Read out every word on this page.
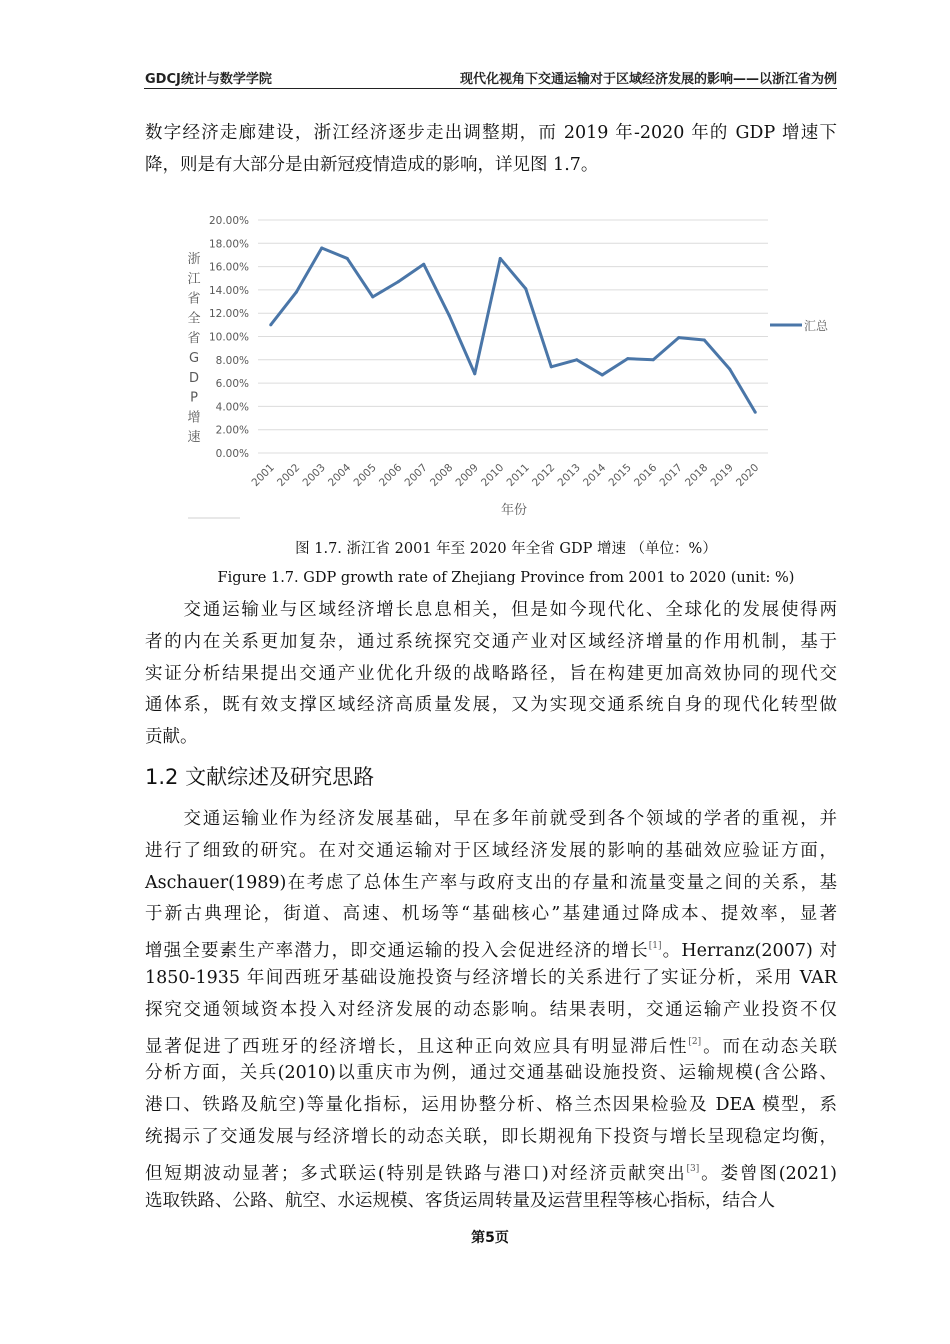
GDCJ统计与数学学院	现代化视角下交通运输对于区域经济发展的影响——以浙江省为例
数字经济走廊建设，浙江经济逐步走出调整期，而 2019 年-2020 年的 GDP 增速下
降，则是有大部分是由新冠疫情造成的影响，详见图 1.7。
0.00%
2.00%
4.00%
6.00%
8.00%
10.00%
12.00%
14.00%
16.00%
18.00%
20.00%
浙
江
省
全
省
G
D
P
增
速
2001
2002
2003
2004
2005
2006
2007
2008
2009
2010
2011
2012
2013
2014
2015
2016
2017
2018
2019
2020
年份
汇总
图 1.7. 浙江省 2001 年至 2020 年全省 GDP 增速 （单位：%）
Figure 1.7. GDP growth rate of Zhejiang Province from 2001 to 2020 (unit: %)
　　交通运输业与区域经济增长息息相关，但是如今现代化、全球化的发展使得两
者的内在关系更加复杂，通过系统探究交通产业对区域经济增量的作用机制，基于
实证分析结果提出交通产业优化升级的战略路径，旨在构建更加高效协同的现代交
通体系，既有效支撑区域经济高质量发展，又为实现交通系统自身的现代化转型做
贡献。
1.2 文献综述及研究思路
　　交通运输业作为经济发展基础，早在多年前就受到各个领域的学者的重视，并
进行了细致的研究。在对交通运输对于区域经济发展的影响的基础效应验证方面，
Aschauer(1989)在考虑了总体生产率与政府支出的存量和流量变量之间的关系，基
于新古典理论，街道、高速、机场等“基础核心”基建通过降成本、提效率，显著
增强全要素生产率潜力，即交通运输的投入会促进经济的增长[1]。Herranz(2007) 对
1850-1935 年间西班牙基础设施投资与经济增长的关系进行了实证分析，采用 VAR
探究交通领域资本投入对经济发展的动态影响。结果表明，交通运输产业投资不仅
显著促进了西班牙的经济增长，且这种正向效应具有明显滞后性[2]。而在动态关联
分析方面，关兵(2010)以重庆市为例，通过交通基础设施投资、运输规模(含公路、
港口、铁路及航空)等量化指标，运用协整分析、格兰杰因果检验及 DEA 模型，系
统揭示了交通发展与经济增长的动态关联，即长期视角下投资与增长呈现稳定均衡，
但短期波动显著；多式联运(特别是铁路与港口)对经济贡献突出[3]。娄曾图(2021)
选取铁路、公路、航空、水运规模、客货运周转量及运营里程等核心指标，结合人
第5页
